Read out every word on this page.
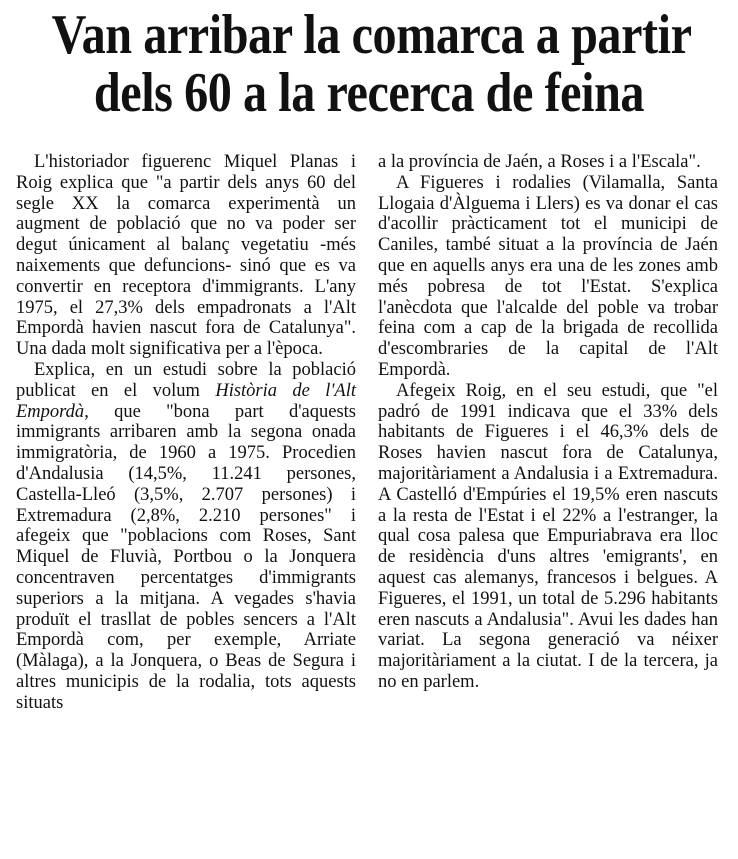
Van arribar la comarca a partir
dels 60 a la recerca de feina

L'historiador figuerenc Miquel Planas i Roig explica que "a partir dels anys 60 del segle XX la comarca experimentà un augment de població que no va poder ser degut únicament al balanç vegetatiu -més naixements que defuncions- sinó que es va convertir en receptora d'immigrants. L'any 1975, el 27,3% dels empadronats a l'Alt Empordà havien nascut fora de Catalunya". Una dada molt significativa per a l'època.

Explica, en un estudi sobre la població publicat en el volum Història de l'Alt Empordà, que "bona part d'aquests immigrants arribaren amb la segona onada immigratòria, de 1960 a 1975. Procedien d'Andalusia (14,5%, 11.241 persones, Castella-Lleó (3,5%, 2.707 persones) i Extremadura (2,8%, 2.210 persones" i afegeix que "poblacions com Roses, Sant Miquel de Fluvià, Portbou o la Jonquera concentraven percentatges d'immigrants superiors a la mitjana. A vegades s'havia produït el trasllat de pobles sencers a l'Alt Empordà com, per exemple, Arriate (Màlaga), a la Jonquera, o Beas de Segura i altres municipis de la rodalia, tots aquests situats

a la província de Jaén, a Roses i a l'Escala".

A Figueres i rodalies (Vilamalla, Santa Llogaia d'Àlguema i Llers) es va donar el cas d'acollir pràcticament tot el municipi de Caniles, també situat a la província de Jaén que en aquells anys era una de les zones amb més pobresa de tot l'Estat. S'explica l'anècdota que l'alcalde del poble va trobar feina com a cap de la brigada de recollida d'escombraries de la capital de l'Alt Empordà.

Afegeix Roig, en el seu estudi, que "el padró de 1991 indicava que el 33% dels habitants de Figueres i el 46,3% dels de Roses havien nascut fora de Catalunya, majoritàriament a Andalusia i a Extremadura. A Castelló d'Empúries el 19,5% eren nascuts a la resta de l'Estat i el 22% a l'estranger, la qual cosa palesa que Empuriabrava era lloc de residència d'uns altres 'emigrants', en aquest cas alemanys, francesos i belgues. A Figueres, el 1991, un total de 5.296 habitants eren nascuts a Andalusia". Avui les dades han variat. La segona generació va néixer majoritàriament a la ciutat. I de la tercera, ja no en parlem.
